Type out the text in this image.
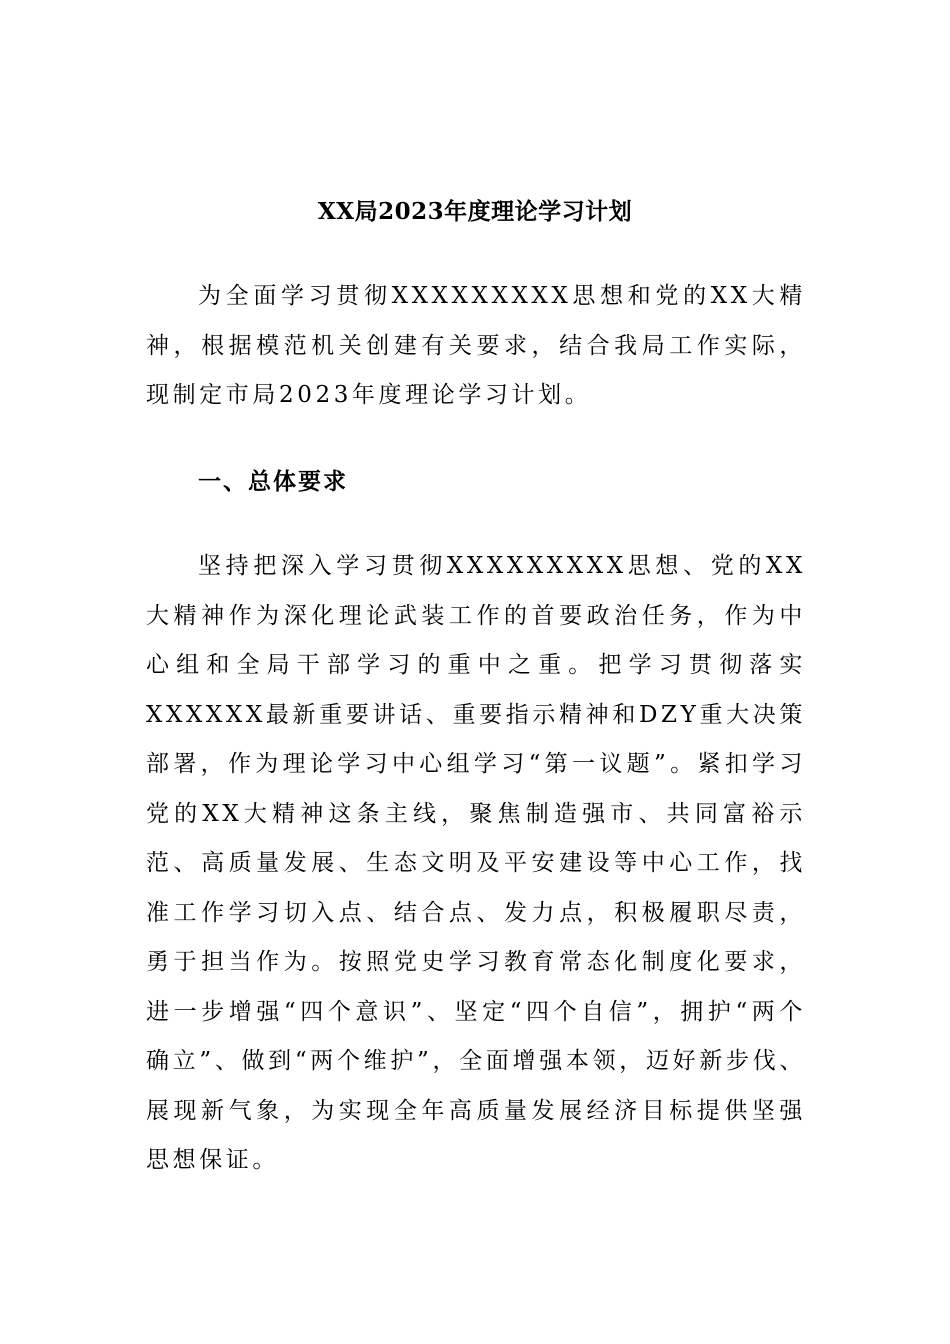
XX局2023年度理论学习计划

为全面学习贯彻XXXXXXXXX思想和党的XX大精神，根据模范机关创建有关要求，结合我局工作实际，现制定市局2023年度理论学习计划。

一、总体要求

坚持把深入学习贯彻XXXXXXXXX思想、党的XX大精神作为深化理论武装工作的首要政治任务，作为中心组和全局干部学习的重中之重。把学习贯彻落实XXXXXX最新重要讲话、重要指示精神和DZY重大决策部署，作为理论学习中心组学习“第一议题”。紧扣学习党的XX大精神这条主线，聚焦制造强市、共同富裕示范、高质量发展、生态文明及平安建设等中心工作，找准工作学习切入点、结合点、发力点，积极履职尽责，勇于担当作为。按照党史学习教育常态化制度化要求，进一步增强“四个意识”、坚定“四个自信”，拥护“两个确立”、做到“两个维护”，全面增强本领，迈好新步伐、展现新气象，为实现全年高质量发展经济目标提供坚强思想保证。
